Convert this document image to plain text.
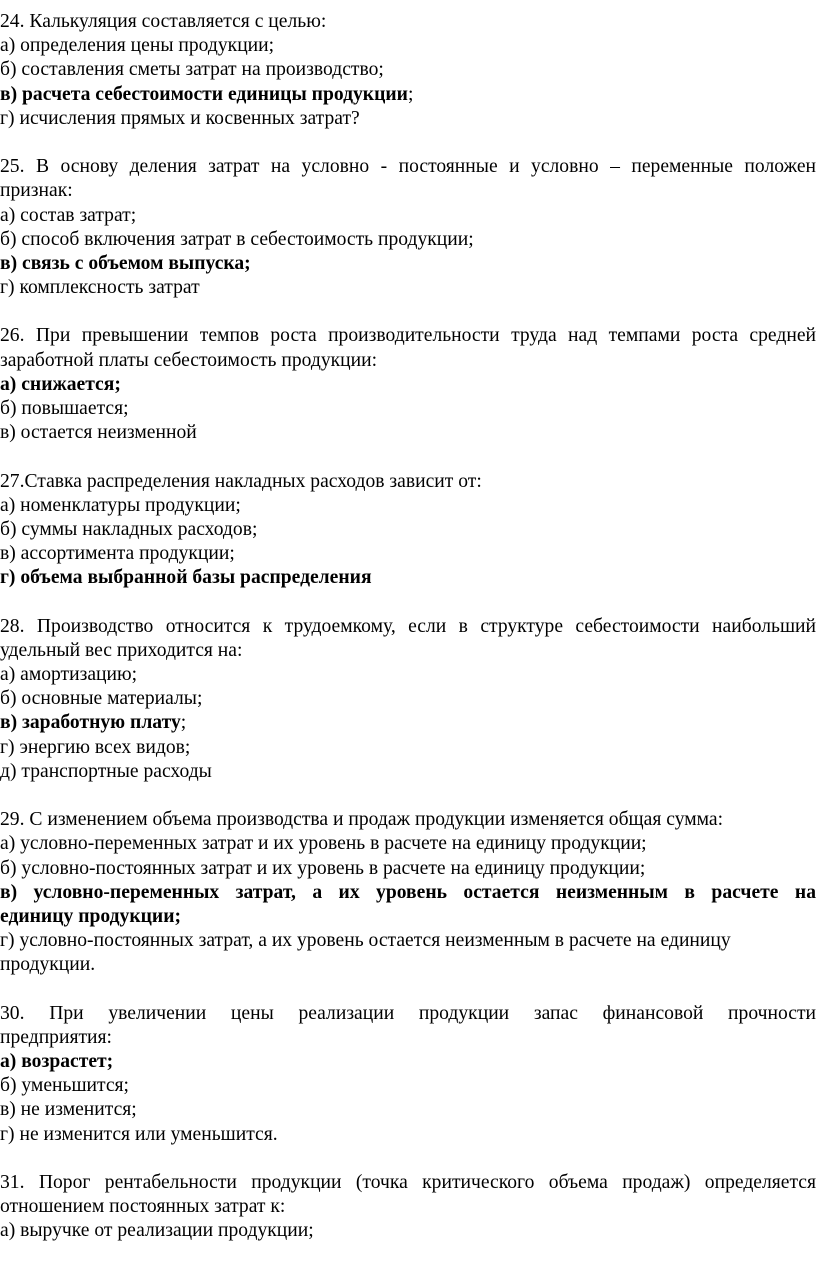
24. Калькуляция составляется с целью:
а) определения цены продукции;
б) составления сметы затрат на производство;
в) расчета себестоимости единицы продукции;
г) исчисления прямых и косвенных затрат?
25. В основу деления затрат на условно - постоянные и условно – переменные положен
признак:
а) состав затрат;
б) способ включения затрат в себестоимость продукции;
в) связь с объемом выпуска;
г) комплексность затрат
26. При превышении темпов роста производительности труда над темпами роста средней
заработной платы себестоимость продукции:
а) снижается;
б) повышается;
в) остается неизменной
27.Ставка распределения накладных расходов зависит от:
а) номенклатуры продукции;
б) суммы накладных расходов;
в) ассортимента продукции;
г) объема выбранной базы распределения
28. Производство относится к трудоемкому, если в структуре себестоимости наибольший
удельный вес приходится на:
а) амортизацию;
б) основные материалы;
в) заработную плату;
г) энергию всех видов;
д) транспортные расходы
29. С изменением объема производства и продаж продукции изменяется общая сумма:
а) условно-переменных затрат и их уровень в расчете на единицу продукции;
б) условно-постоянных затрат и их уровень в расчете на единицу продукции;
в) условно-переменных затрат, а их уровень остается неизменным в расчете на
единицу продукции;
г) условно-постоянных затрат, а их уровень остается неизменным в расчете на единицу
продукции.
30. При увеличении цены реализации продукции запас финансовой прочности
предприятия:
а) возрастет;
б) уменьшится;
в) не изменится;
г) не изменится или уменьшится.
31. Порог рентабельности продукции (точка критического объема продаж) определяется
отношением постоянных затрат к:
а) выручке от реализации продукции;
